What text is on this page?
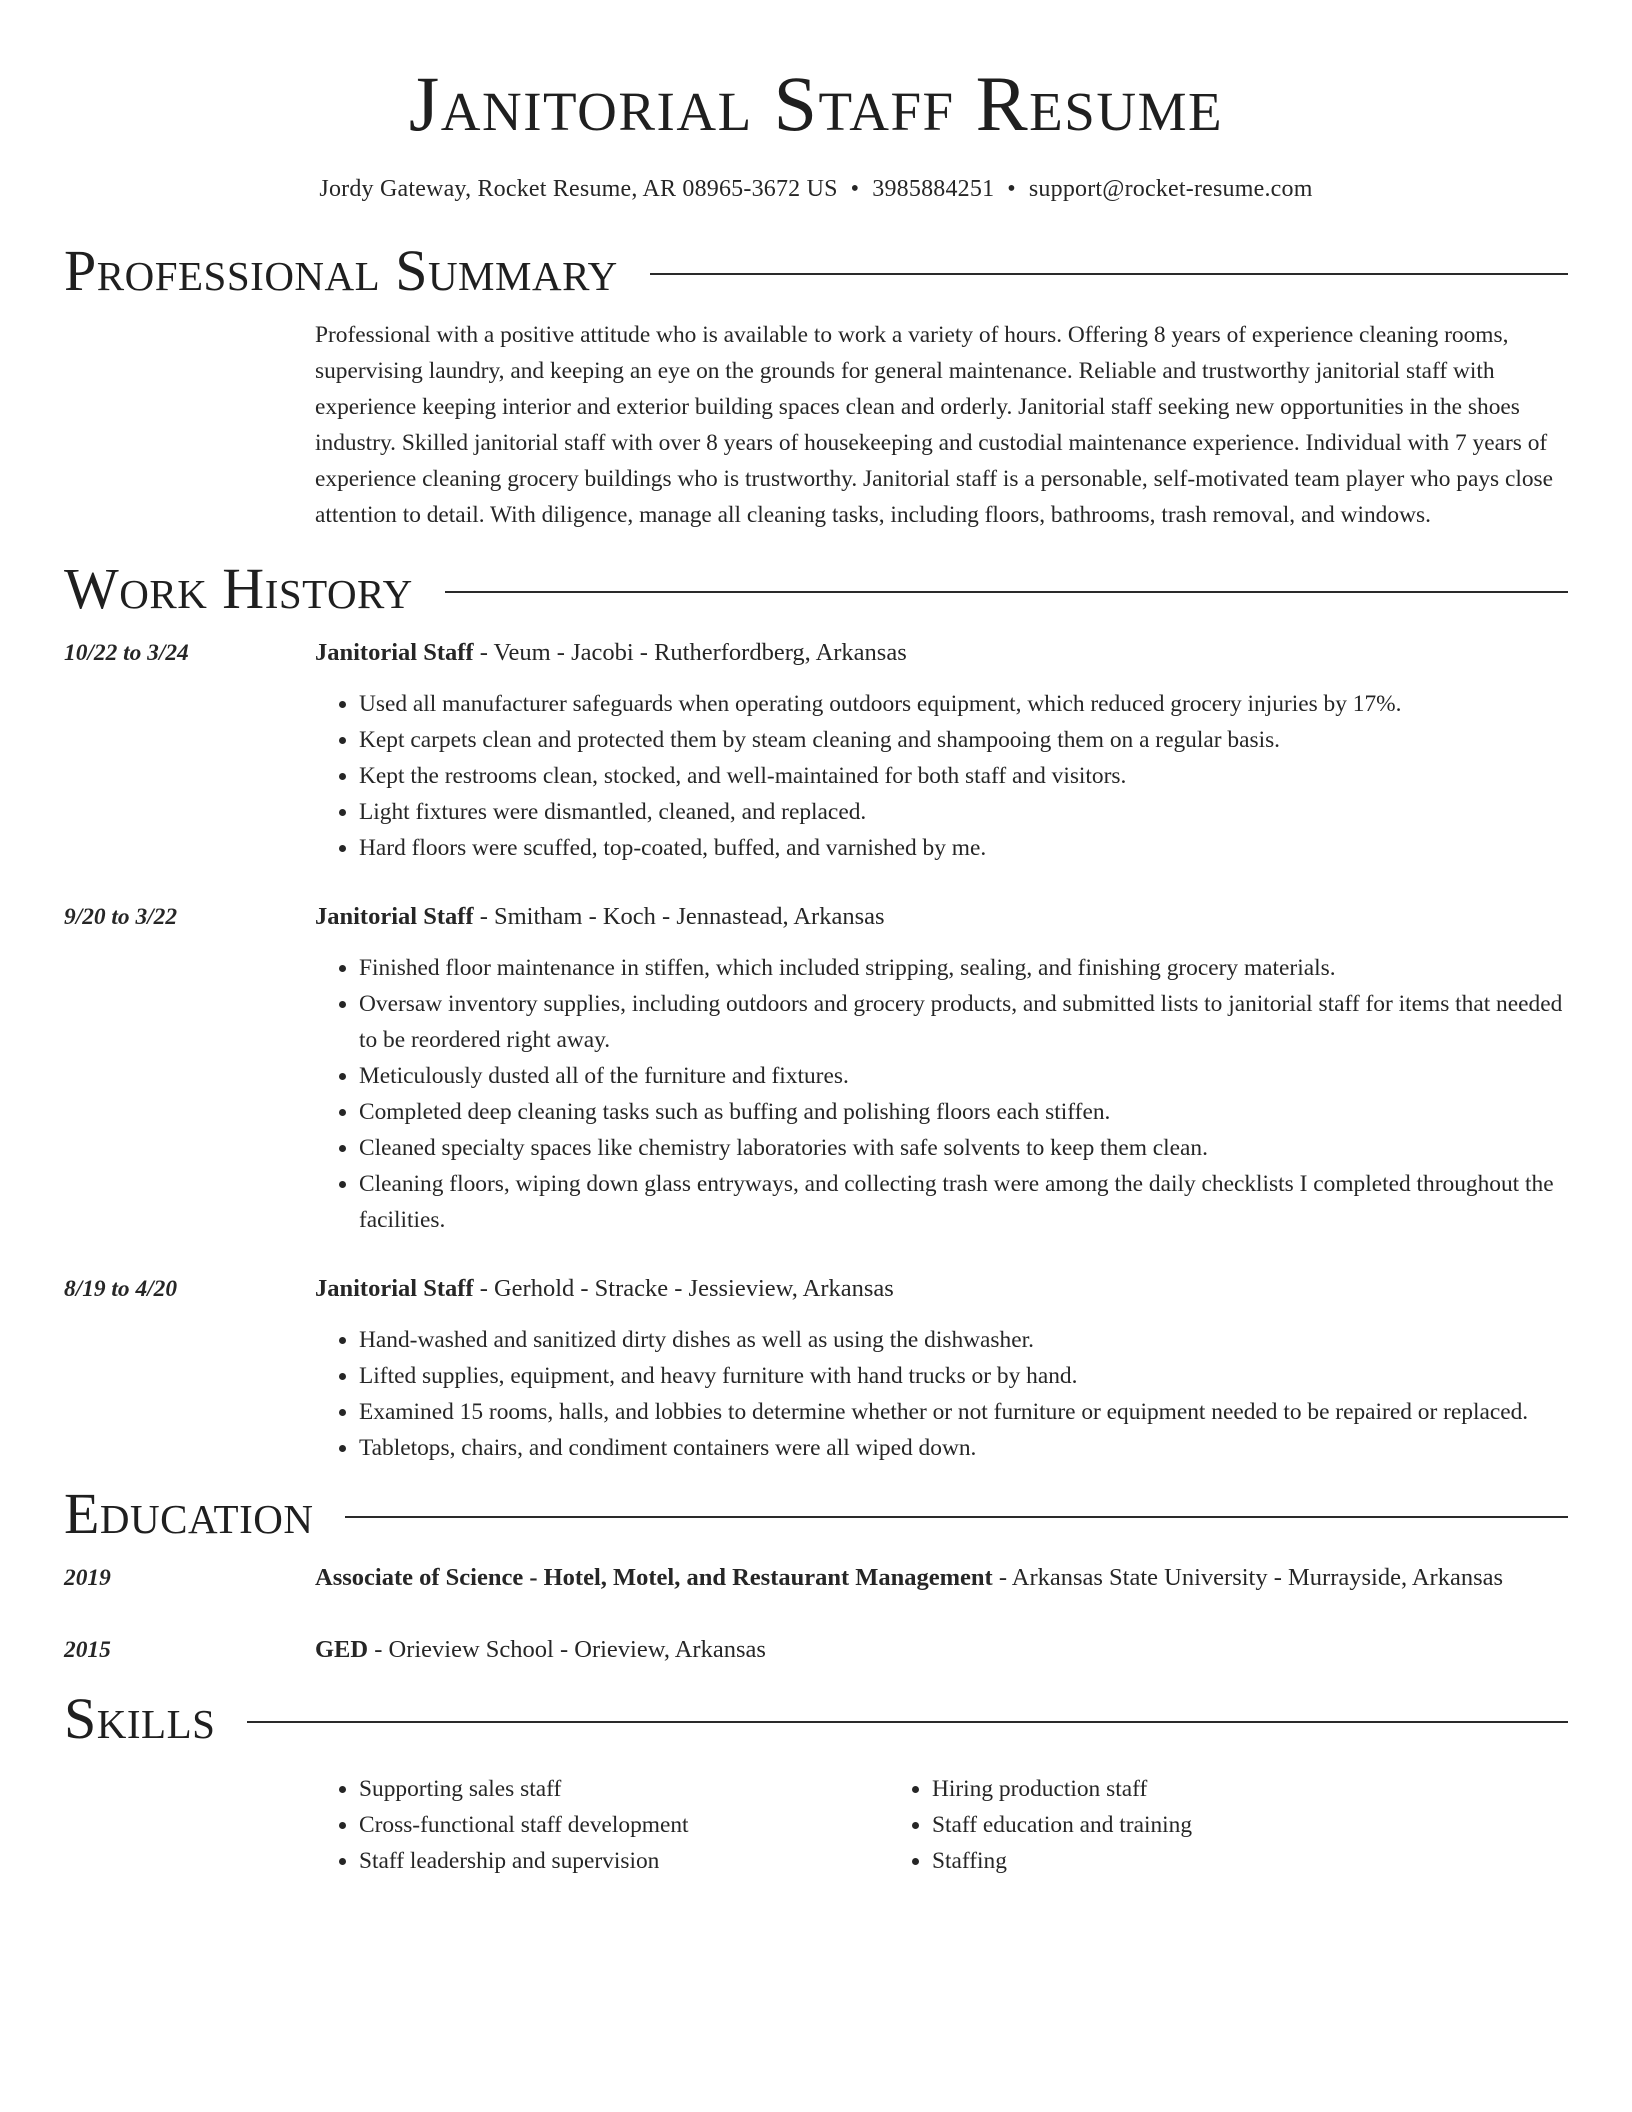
Janitorial Staff Resume
Jordy Gateway, Rocket Resume, AR 08965-3672 US • 3985884251 • support@rocket-resume.com
Professional Summary
Professional with a positive attitude who is available to work a variety of hours. Offering 8 years of experience cleaning rooms, supervising laundry, and keeping an eye on the grounds for general maintenance. Reliable and trustworthy janitorial staff with experience keeping interior and exterior building spaces clean and orderly. Janitorial staff seeking new opportunities in the shoes industry. Skilled janitorial staff with over 8 years of housekeeping and custodial maintenance experience. Individual with 7 years of experience cleaning grocery buildings who is trustworthy. Janitorial staff is a personable, self-motivated team player who pays close attention to detail. With diligence, manage all cleaning tasks, including floors, bathrooms, trash removal, and windows.
Work History
10/22 to 3/24	Janitorial Staff - Veum - Jacobi - Rutherfordberg, Arkansas
• Used all manufacturer safeguards when operating outdoors equipment, which reduced grocery injuries by 17%.
• Kept carpets clean and protected them by steam cleaning and shampooing them on a regular basis.
• Kept the restrooms clean, stocked, and well-maintained for both staff and visitors.
• Light fixtures were dismantled, cleaned, and replaced.
• Hard floors were scuffed, top-coated, buffed, and varnished by me.
9/20 to 3/22	Janitorial Staff - Smitham - Koch - Jennastead, Arkansas
• Finished floor maintenance in stiffen, which included stripping, sealing, and finishing grocery materials.
• Oversaw inventory supplies, including outdoors and grocery products, and submitted lists to janitorial staff for items that needed to be reordered right away.
• Meticulously dusted all of the furniture and fixtures.
• Completed deep cleaning tasks such as buffing and polishing floors each stiffen.
• Cleaned specialty spaces like chemistry laboratories with safe solvents to keep them clean.
• Cleaning floors, wiping down glass entryways, and collecting trash were among the daily checklists I completed throughout the facilities.
8/19 to 4/20	Janitorial Staff - Gerhold - Stracke - Jessieview, Arkansas
• Hand-washed and sanitized dirty dishes as well as using the dishwasher.
• Lifted supplies, equipment, and heavy furniture with hand trucks or by hand.
• Examined 15 rooms, halls, and lobbies to determine whether or not furniture or equipment needed to be repaired or replaced.
• Tabletops, chairs, and condiment containers were all wiped down.
Education
2019	Associate of Science - Hotel, Motel, and Restaurant Management - Arkansas State University - Murrayside, Arkansas
2015	GED - Orieview School - Orieview, Arkansas
Skills
• Supporting sales staff
• Cross-functional staff development
• Staff leadership and supervision
• Hiring production staff
• Staff education and training
• Staffing
